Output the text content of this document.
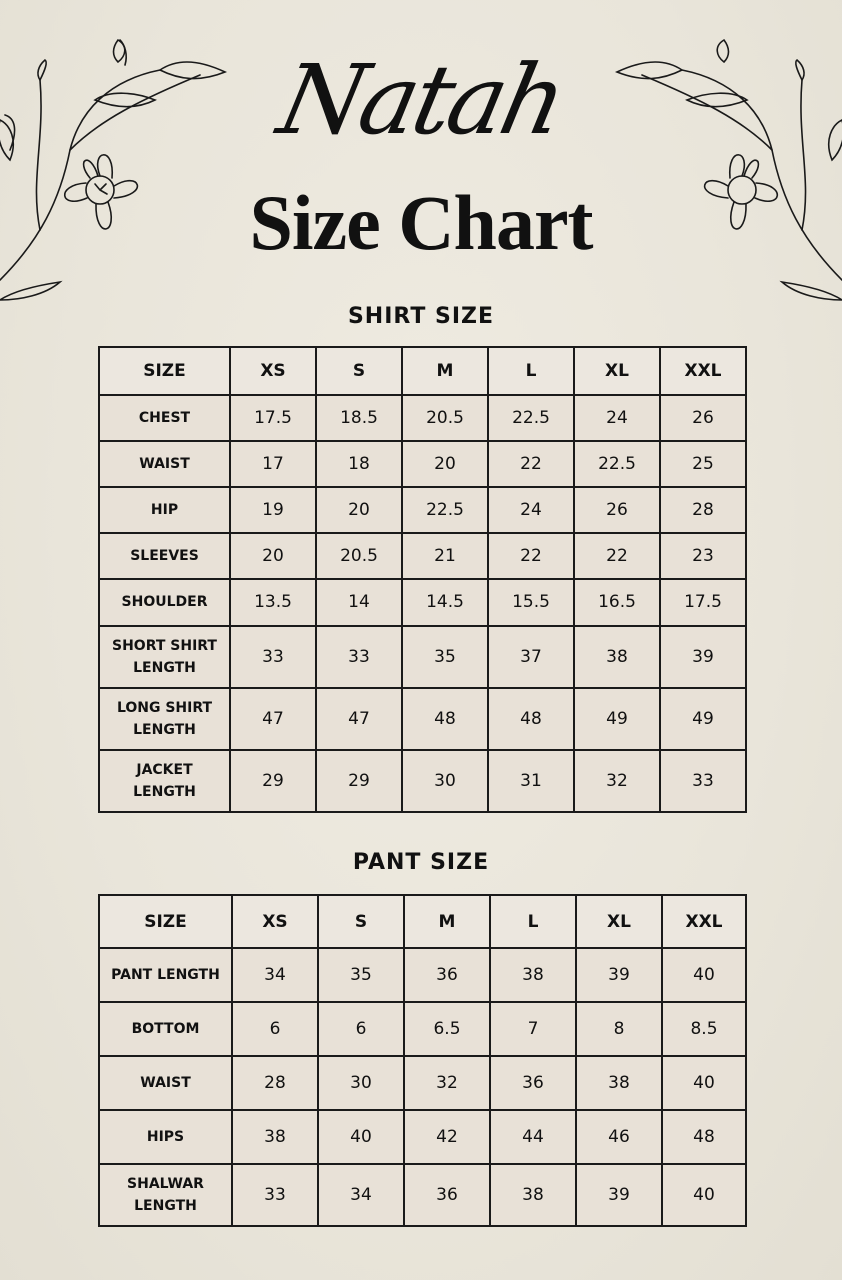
Natah
Size Chart
SHIRT SIZE
SIZE	XS	S	M	L	XL	XXL
CHEST	17.5	18.5	20.5	22.5	24	26
WAIST	17	18	20	22	22.5	25
HIP	19	20	22.5	24	26	28
SLEEVES	20	20.5	21	22	22	23
SHOULDER	13.5	14	14.5	15.5	16.5	17.5
SHORT SHIRT
LENGTH	33	33	35	37	38	39
LONG SHIRT
LENGTH	47	47	48	48	49	49
JACKET
LENGTH	29	29	30	31	32	33
PANT SIZE
SIZE	XS	S	M	L	XL	XXL
PANT LENGTH	34	35	36	38	39	40
BOTTOM	6	6	6.5	7	8	8.5
WAIST	28	30	32	36	38	40
HIPS	38	40	42	44	46	48
SHALWAR
LENGTH	33	34	36	38	39	40
